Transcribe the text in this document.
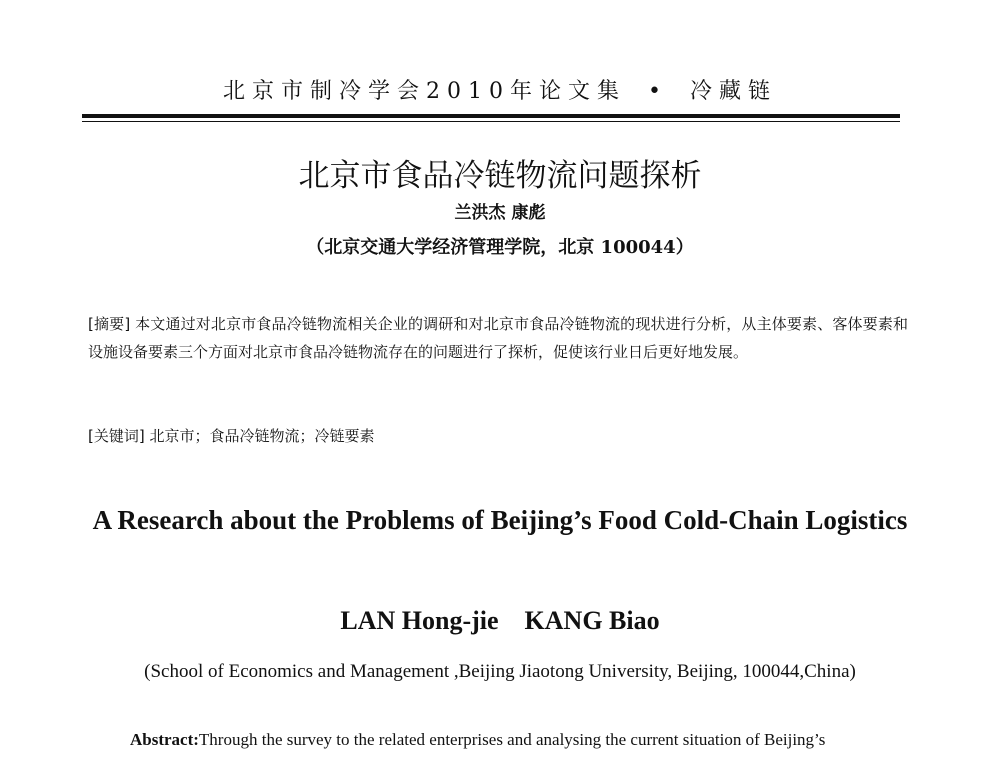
北京市制冷学会2010年论文集 • 冷藏链
北京市食品冷链物流问题探析
兰洪杰 康彪
（北京交通大学经济管理学院，北京 100044）
[摘要] 本文通过对北京市食品冷链物流相关企业的调研和对北京市食品冷链物流的现状进行分析，从主体要素、客体要素和设施设备要素三个方面对北京市食品冷链物流存在的问题进行了探析，促使该行业日后更好地发展。
[关键词] 北京市；食品冷链物流；冷链要素
A Research about the Problems of Beijing’s Food Cold-Chain Logistics
LAN Hong-jie KANG Biao
(School of Economics and Management ,Beijing Jiaotong University, Beijing, 100044,China)
Abstract:Through the survey to the related enterprises and analysing the current situation of Beijing’s
